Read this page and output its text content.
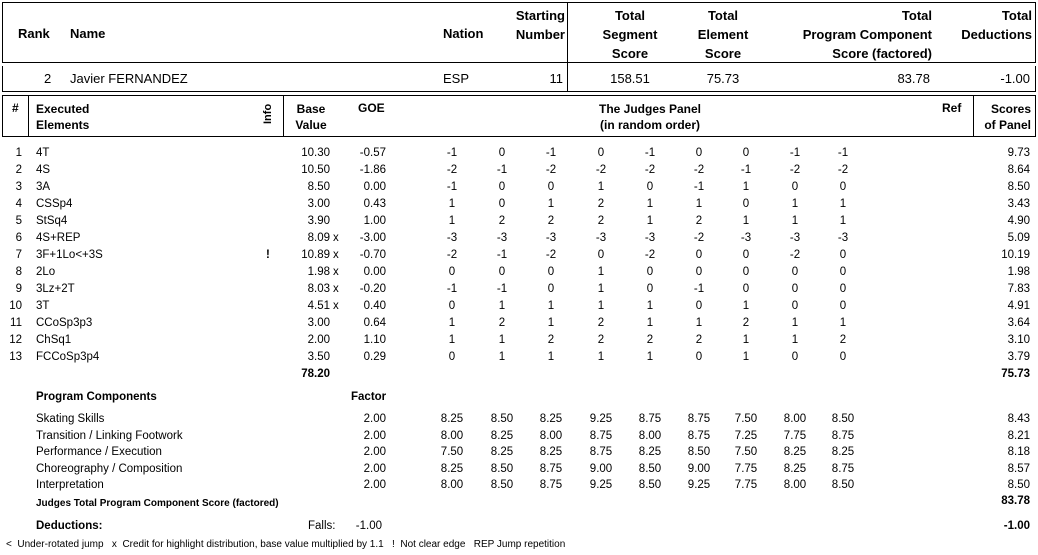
Rank Name	Nation
Starting
Number
Total
Segment
Score
Total
Element
Score
Total
Program Component
Score (factored)
Total
Deductions
2 Javier FERNANDEZ	ESP	11	158.51	75.73	83.78	-1.00
# Executed
Elements
Info	Base
Value
GOE	The Judges Panel
(in random order)
Ref	Scores
of Panel
1 4T	10.30	-0.57	-1	0	-1	0	-1	0	0	-1	-1	9.73
2 4S	10.50	-1.86	-2	-1	-2	-2	-2	-2	-1	-2	-2	8.64
3 3A	8.50	0.00	-1	0	0	1	0	-1	1	0	0	8.50
4 CSSp4	3.00	0.43	1	0	1	2	1	1	0	1	1	3.43
5 StSq4	3.90	1.00	1	2	2	2	1	2	1	1	1	4.90
6 4S+REP	8.09 x	-3.00	-3	-3	-3	-3	-3	-2	-3	-3	-3	5.09
7 3F+1Lo<+3S	!	10.89 x	-0.70	-2	-1	-2	0	-2	0	0	-2	0	10.19
8 2Lo	1.98 x	0.00	0	0	0	1	0	0	0	0	0	1.98
9 3Lz+2T	8.03 x	-0.20	-1	-1	0	1	0	-1	0	0	0	7.83
10 3T	4.51 x	0.40	0	1	1	1	1	0	1	0	0	4.91
11 CCoSp3p3	3.00	0.64	1	2	1	2	1	1	2	1	1	3.64
12 ChSq1	2.00	1.10	1	1	2	2	2	2	1	1	2	3.10
13 FCCoSp3p4	3.50	0.29	0	1	1	1	1	0	1	0	0	3.79
78.20	75.73
Program Components	Factor
Skating Skills	2.00	8.25	8.50	8.25	9.25	8.75	8.75	7.50	8.00	8.50	8.43
Transition / Linking Footwork	2.00	8.00	8.25	8.00	8.75	8.00	8.75	7.25	7.75	8.75	8.21
Performance / Execution	2.00	7.50	8.25	8.25	8.75	8.25	8.50	7.50	8.25	8.25	8.18
Choreography / Composition	2.00	8.25	8.50	8.75	9.00	8.50	9.00	7.75	8.25	8.75	8.57
Interpretation	2.00	8.00	8.50	8.75	9.25	8.50	9.25	7.75	8.00	8.50	8.50
Judges Total Program Component Score (factored)	83.78
Deductions:	Falls:	-1.00	-1.00
<  Under-rotated jump   x  Credit for highlight distribution, base value multiplied by 1.1   !  Not clear edge   REP Jump repetition
